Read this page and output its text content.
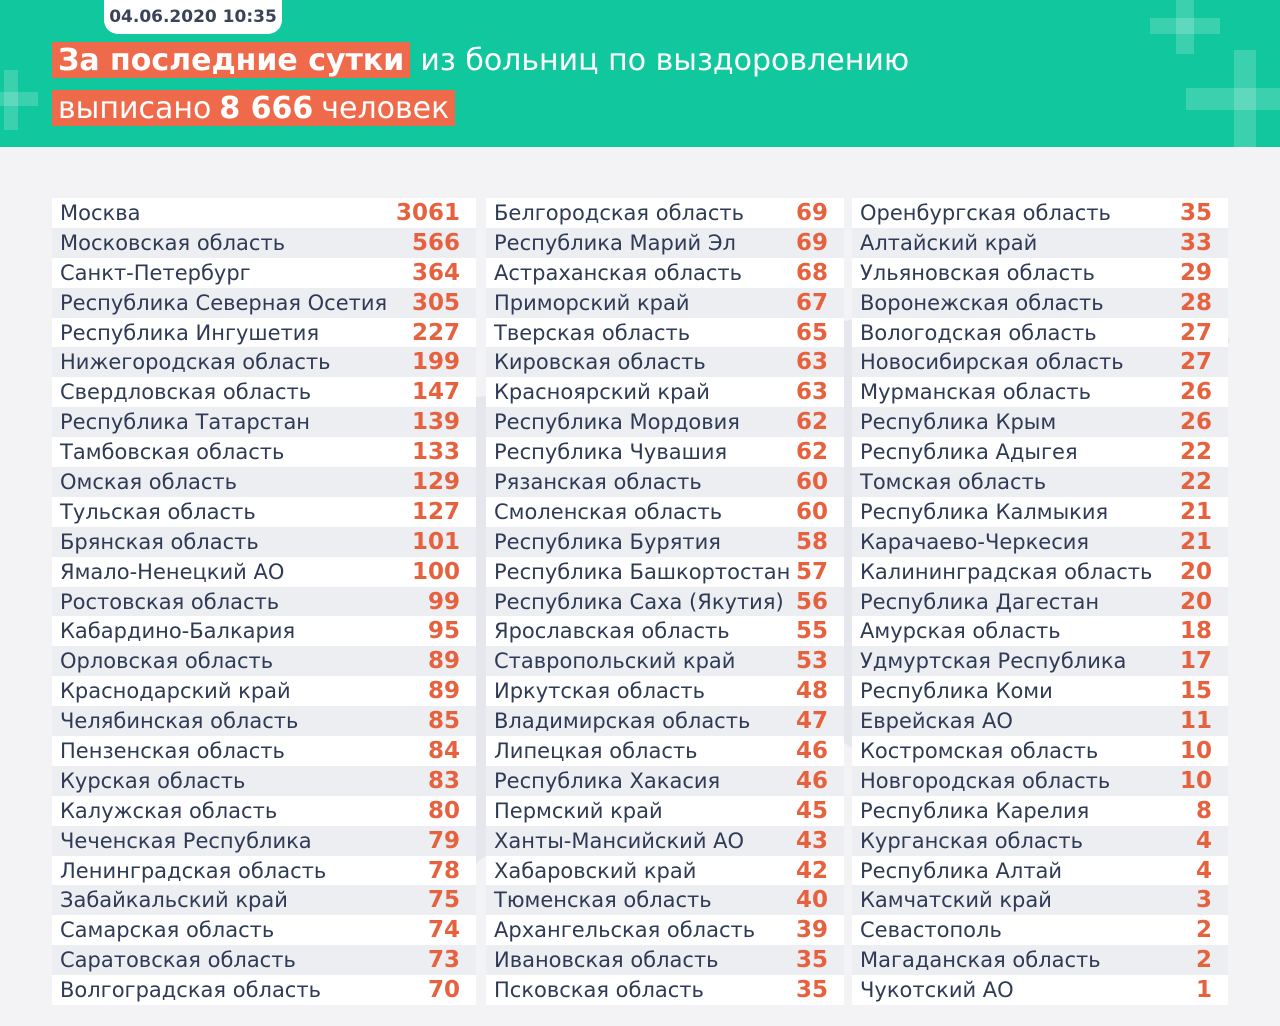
04.06.2020 10:35
За последние сутки из больниц по выздоровлению
выписано 8 666 человек
Москва	3061
Московская область	566
Санкт-Петербург	364
Республика Северная Осетия 305
Республика Ингушетия	227
Нижегородская область	199
Свердловская область	147
Республика Татарстан	139
Тамбовская область	133
Омская область	129
Тульская область	127
Брянская область	101
Ямало-Ненецкий АО	100
Ростовская область	99
Кабардино-Балкария	95
Орловская область	89
Краснодарский край	89
Челябинская область	85
Пензенская область	84
Курская область	83
Калужская область	80
Чеченская Республика	79
Ленинградская область	78
Забайкальский край	75
Самарская область	74
Саратовская область	73
Волгоградская область	70
Белгородская область 69
Республика Марий Эл	69
Астраханская область 68
Приморский край	67
Тверская область	65
Кировская область	63
Красноярский край	63
Республика Мордовия 62
Республика Чувашия	62
Рязанская область	60
Смоленская область	60
Республика Бурятия	58
Республика Башкортостан 57
Республика Саха (Якутия) 56
Ярославская область	55
Ставропольский край	53
Иркутская область	48
Владимирская область 47
Липецкая область	46
Республика Хакасия	46
Пермский край	45
Ханты-Мансийский АО 43
Хабаровский край	42
Тюменская область	40
Архангельская область 39
Ивановская область	35
Псковская область	35
Оренбургская область	35
Алтайский край	33
Ульяновская область	29
Воронежская область	28
Вологодская область	27
Новосибирская область 27
Мурманская область	26
Республика Крым	26
Республика Адыгея	22
Томская область	22
Республика Калмыкия	21
Карачаево-Черкесия	21
Калининградская область 20
Республика Дагестан	20
Амурская область	18
Удмуртская Республика 17
Республика Коми	15
Еврейская АО	11
Костромская область	10
Новгородская область	10
Республика Карелия	8
Курганская область	4
Республика Алтай	4
Камчатский край	3
Севастополь	2
Магаданская область	2
Чукотский АО	1
